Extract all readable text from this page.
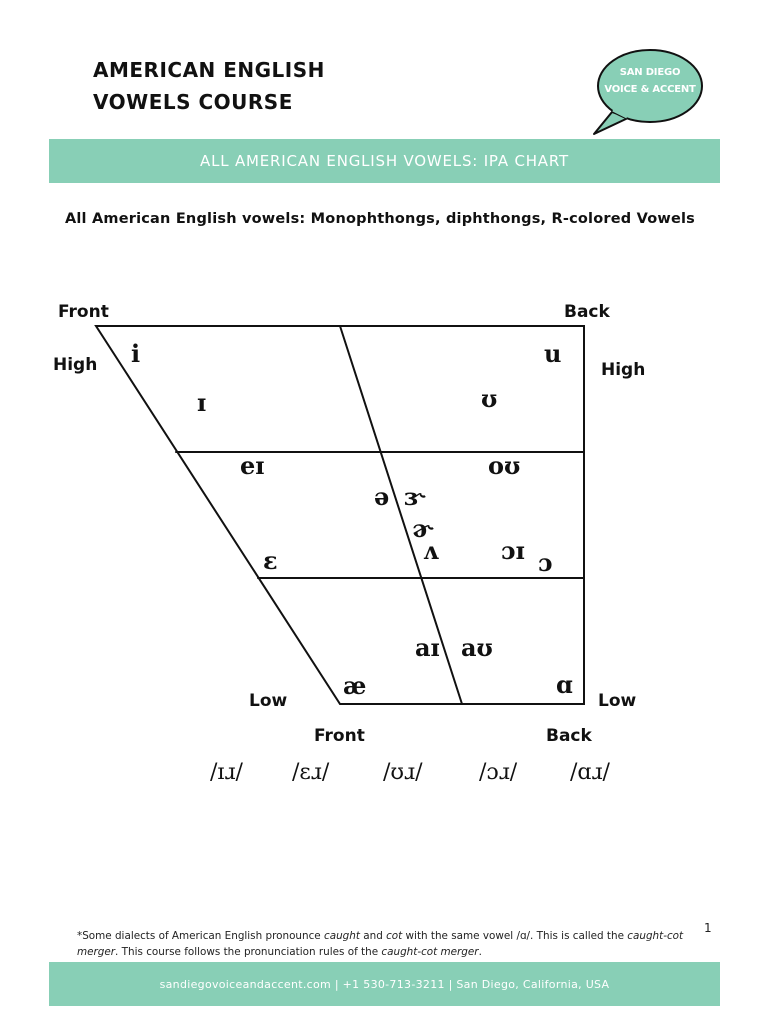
AMERICAN ENGLISH
VOWELS COURSE
SAN DIEGO
VOICE & ACCENT
ALL AMERICAN ENGLISH VOWELS: IPA CHART
All American English vowels: Monophthongs, diphthongs, R-colored Vowels
Front	Back
High	High
Low	Low
Front	Back
i	u
ɪ	ʊ
eɪ	oʊ
ə ɝ
ɚ
ɛ	ʌ	ɔɪ ɔ
aɪ aʊ
æ	ɑ
/ɪɹ/ /ɛɹ/ /ʊɹ/	/ɔɹ/ /ɑɹ/
*Some dialects of American English pronounce caught and cot with the same vowel /ɑ/. This is called the caught-cot merger. This course follows the pronunciation rules of the caught-cot merger.
1
sandiegovoiceandaccent.com | +1 530-713-3211 | San Diego, California, USA
